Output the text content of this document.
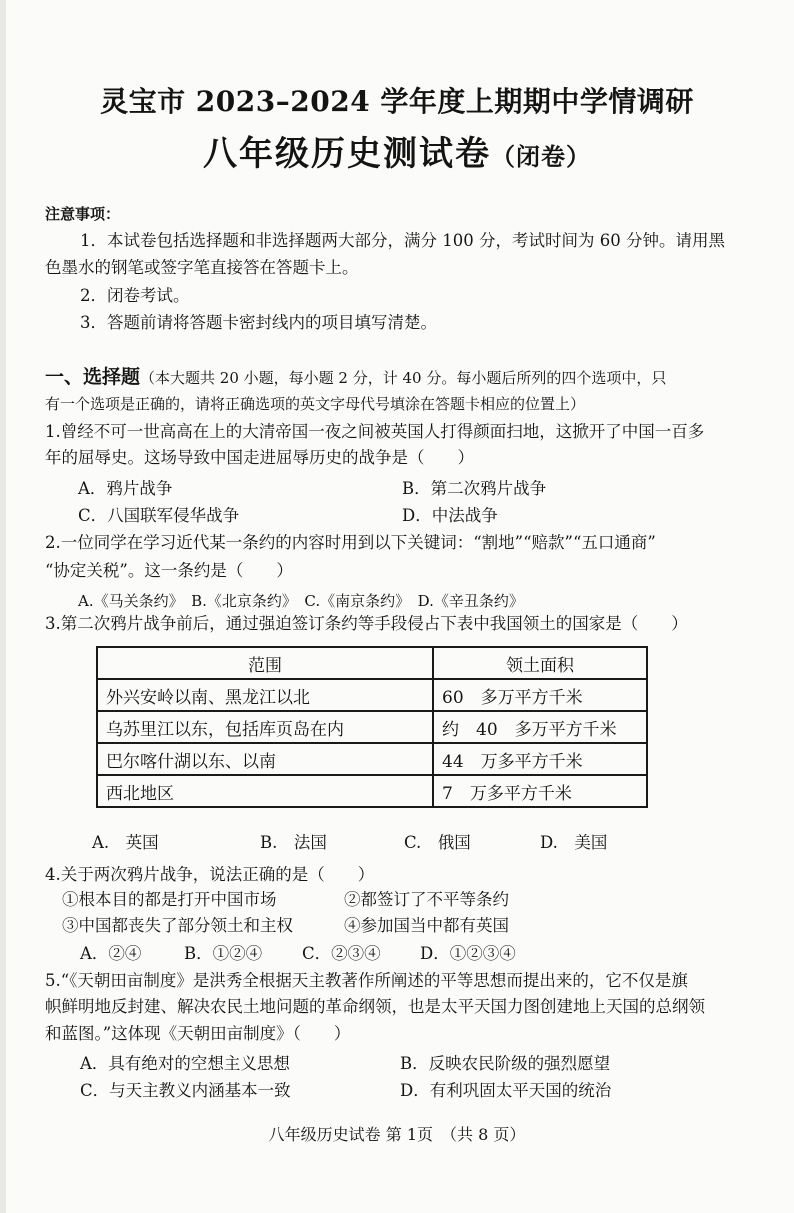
灵宝市 2023–2024 学年度上期期中学情调研
八年级历史测试卷（闭卷）
注意事项：
1．本试卷包括选择题和非选择题两大部分，满分 100 分，考试时间为 60 分钟。请用黑
色墨水的钢笔或签字笔直接答在答题卡上。
2．闭卷考试。
3．答题前请将答题卡密封线内的项目填写清楚。
一、选择题（本大题共 20 小题，每小题 2 分，计 40 分。每小题后所列的四个选项中，只
有一个选项是正确的，请将正确选项的英文字母代号填涂在答题卡相应的位置上）
1.曾经不可一世高高在上的大清帝国一夜之间被英国人打得颜面扫地，这掀开了中国一百多
年的屈辱史。这场导致中国走进屈辱历史的战争是（　　）
A．鸦片战争	B．第二次鸦片战争
C．八国联军侵华战争	D．中法战争
2.一位同学在学习近代某一条约的内容时用到以下关键词：“割地”“赔款”“五口通商”
“协定关税”。这一条约是（　　）
A.《马关条约》　B.《北京条约》　C.《南京条约》　D.《辛丑条约》
3.第二次鸦片战争前后，通过强迫签订条约等手段侵占下表中我国领土的国家是（　　）
范围	领土面积
外兴安岭以南、黑龙江以北	60　多万平方千米
乌苏里江以东，包括库页岛在内	约　40　多万平方千米
巴尔喀什湖以东、以南	44　万多平方千米
西北地区	7　万多平方千米
A.　英国	B.　法国	C.　俄国	D.　美国
4.关于两次鸦片战争，说法正确的是（　　）
①根本目的都是打开中国市场	②都签订了不平等条约
③中国都丧失了部分领土和主权	④参加国当中都有英国
A．②④	B．①②④ C．②③④ D．①②③④
5.“《天朝田亩制度》是洪秀全根据天主教著作所阐述的平等思想而提出来的，它不仅是旗
帜鲜明地反封建、解决农民土地问题的革命纲领，也是太平天国力图创建地上天国的总纲领
和蓝图。”这体现《天朝田亩制度》（　　）
A．具有绝对的空想主义思想	B．反映农民阶级的强烈愿望
C．与天主教义内涵基本一致	D．有利巩固太平天国的统治
八年级历史试卷 第 1页　（共 8 页）
